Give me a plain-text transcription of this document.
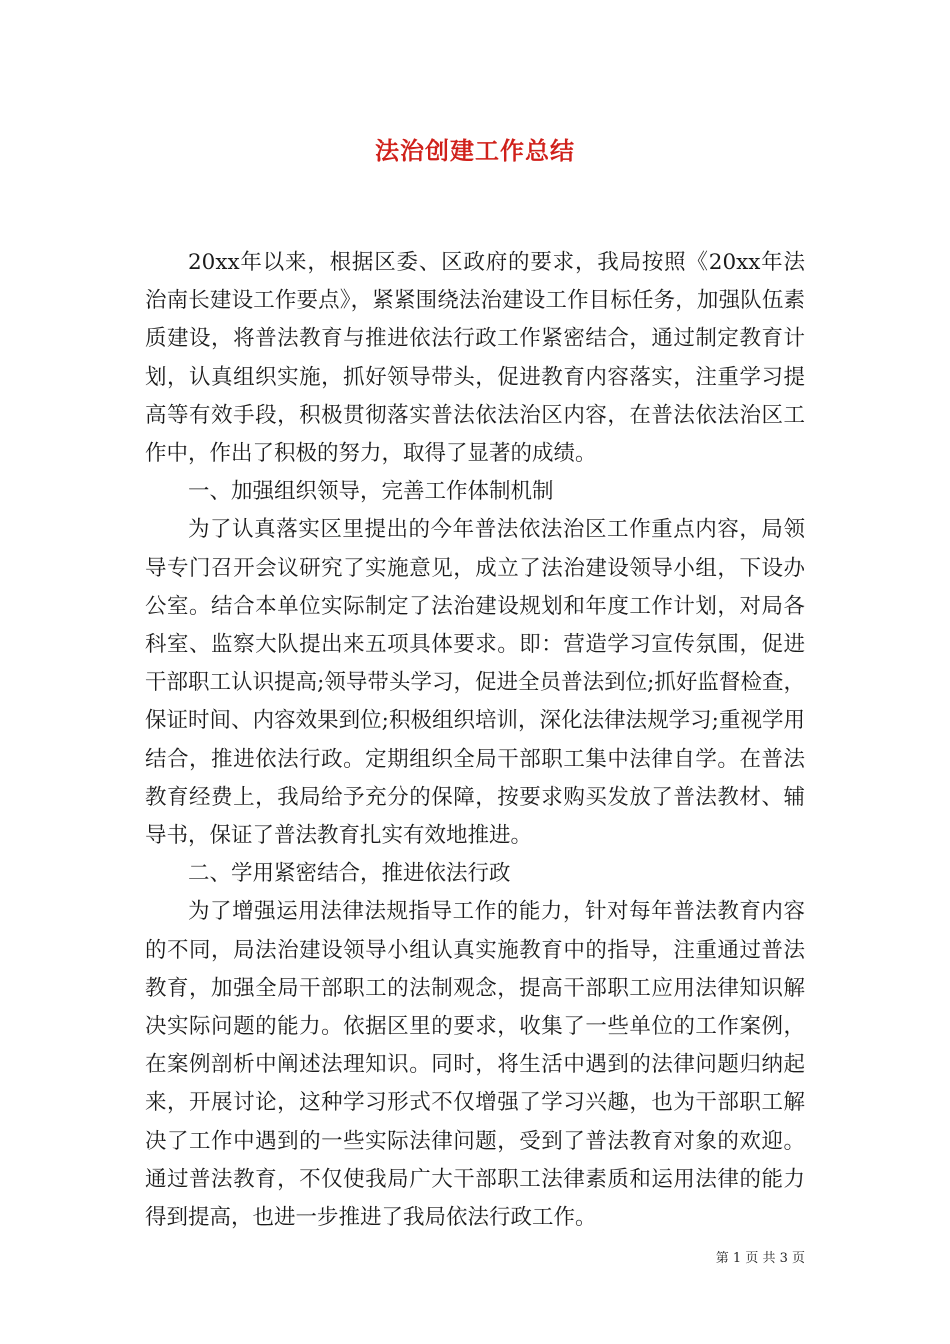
法治创建工作总结

20xx年以来，根据区委、区政府的要求，我局按照《20xx年法治南长建设工作要点》，紧紧围绕法治建设工作目标任务，加强队伍素质建设，将普法教育与推进依法行政工作紧密结合，通过制定教育计划，认真组织实施，抓好领导带头，促进教育内容落实，注重学习提高等有效手段，积极贯彻落实普法依法治区内容，在普法依法治区工作中，作出了积极的努力，取得了显著的成绩。

一、加强组织领导，完善工作体制机制

为了认真落实区里提出的今年普法依法治区工作重点内容，局领导专门召开会议研究了实施意见，成立了法治建设领导小组，下设办公室。结合本单位实际制定了法治建设规划和年度工作计划，对局各科室、监察大队提出来五项具体要求。即：营造学习宣传氛围，促进干部职工认识提高;领导带头学习，促进全员普法到位;抓好监督检查，保证时间、内容效果到位;积极组织培训，深化法律法规学习;重视学用结合，推进依法行政。定期组织全局干部职工集中法律自学。在普法教育经费上，我局给予充分的保障，按要求购买发放了普法教材、辅导书，保证了普法教育扎实有效地推进。

二、学用紧密结合，推进依法行政

为了增强运用法律法规指导工作的能力，针对每年普法教育内容的不同，局法治建设领导小组认真实施教育中的指导，注重通过普法教育，加强全局干部职工的法制观念，提高干部职工应用法律知识解决实际问题的能力。依据区里的要求，收集了一些单位的工作案例，在案例剖析中阐述法理知识。同时，将生活中遇到的法律问题归纳起来，开展讨论，这种学习形式不仅增强了学习兴趣，也为干部职工解决了工作中遇到的一些实际法律问题，受到了普法教育对象的欢迎。通过普法教育，不仅使我局广大干部职工法律素质和运用法律的能力得到提高，也进一步推进了我局依法行政工作。

第 1 页 共 3 页
